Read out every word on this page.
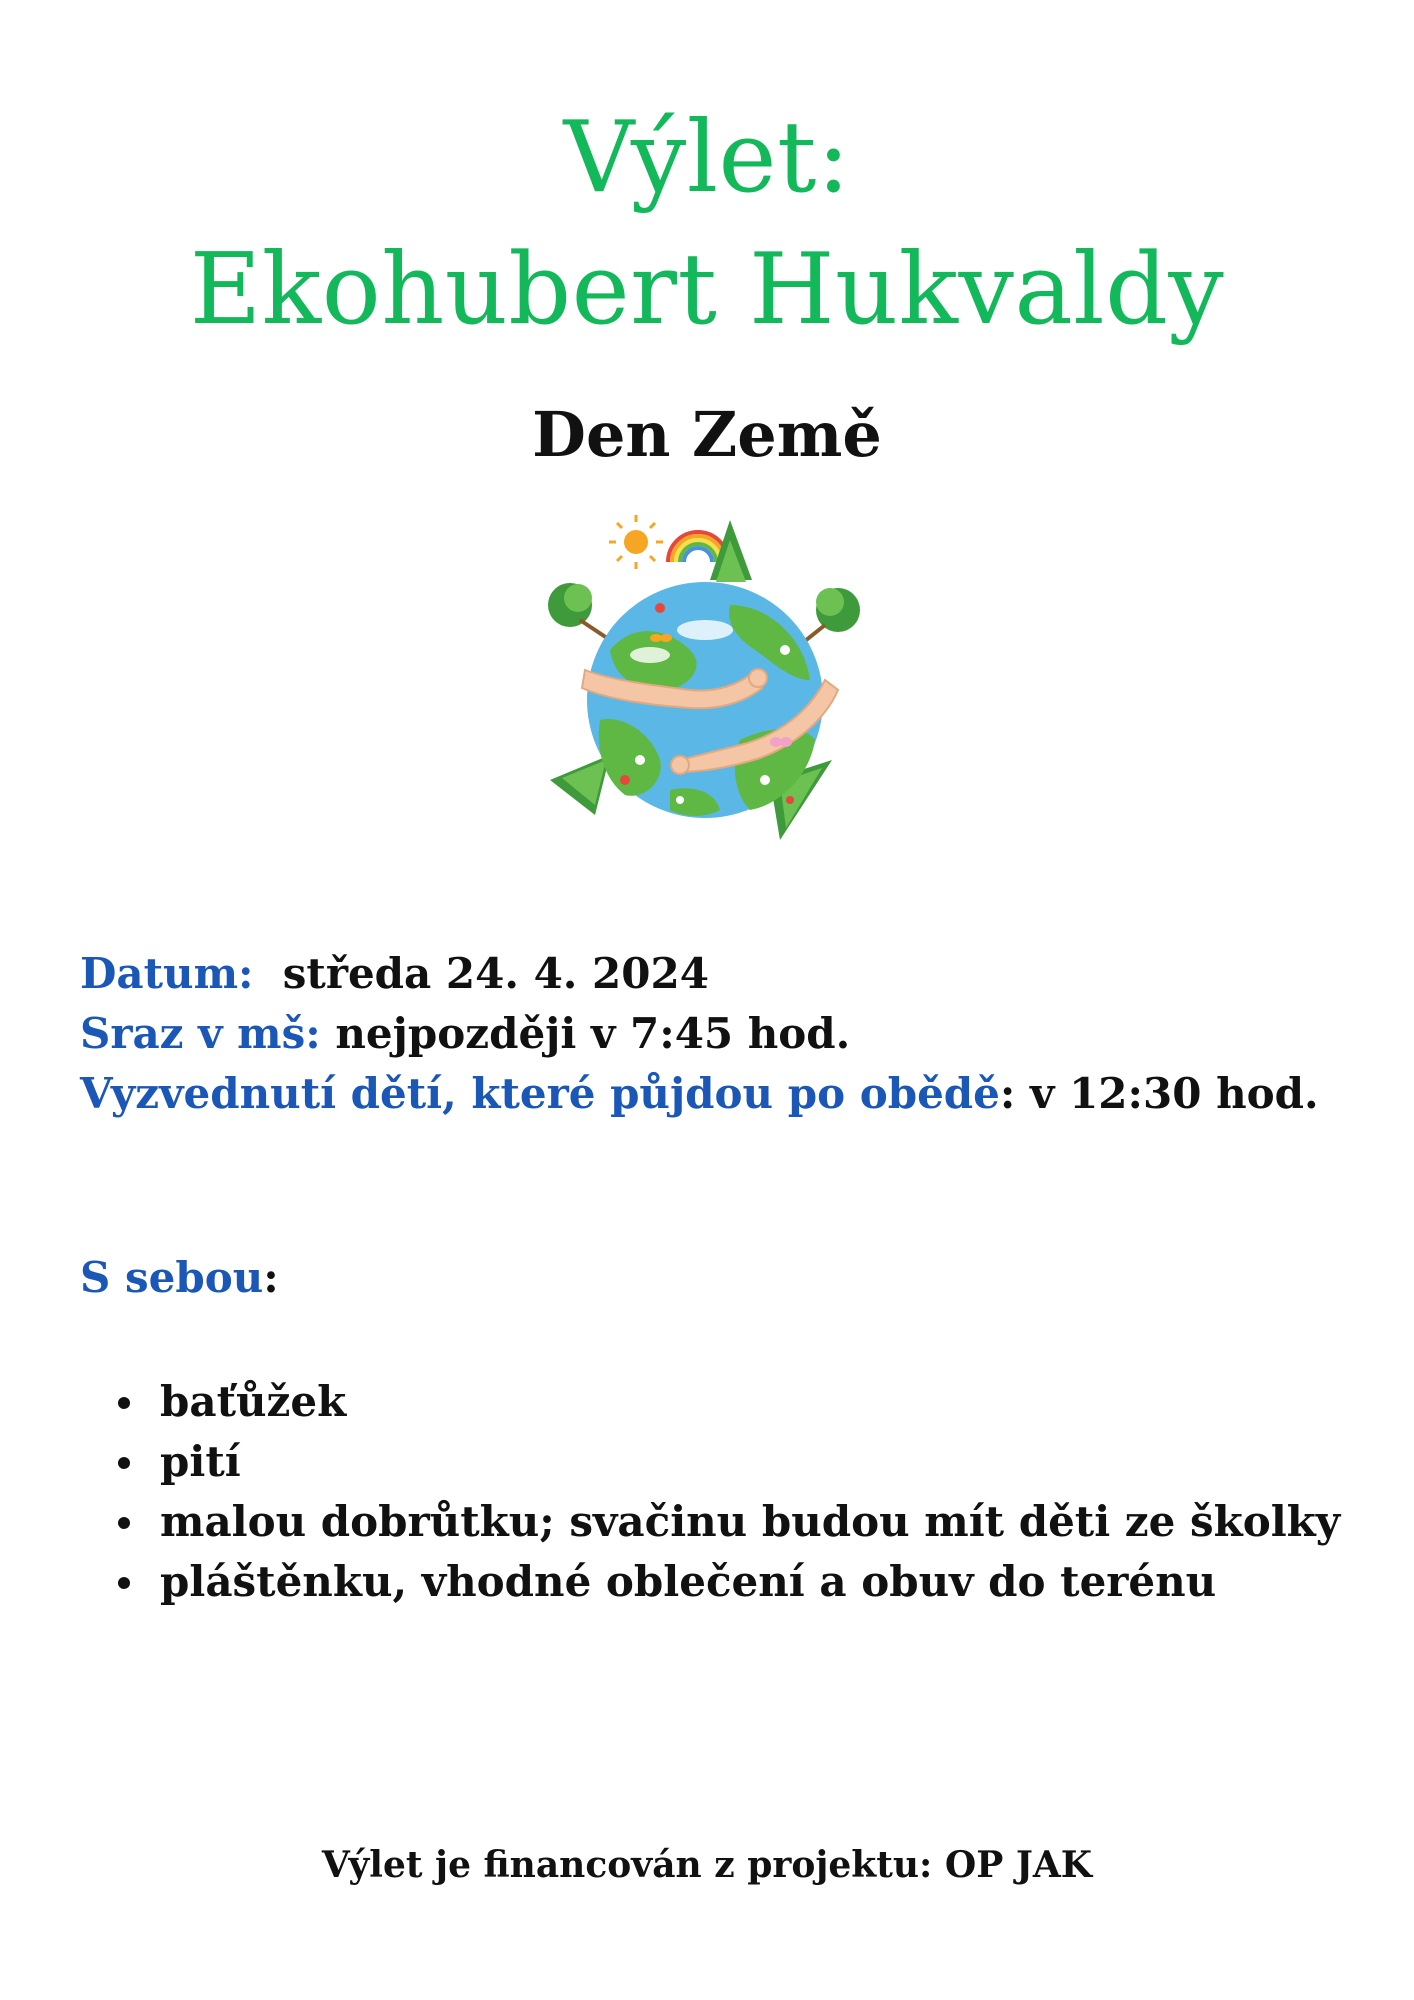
Výlet:
Ekohubert Hukvaldy
Den Země
Datum: středa 24. 4. 2024
Sraz v mš: nejpozději v 7:45 hod.
Vyzvednutí dětí, které půjdou po obědě: v 12:30 hod.
S sebou:
baťůžek
pití
malou dobrůtku; svačinu budou mít děti ze školky
pláštěnku, vhodné oblečení a obuv do terénu
Výlet je financován z projektu: OP JAK
